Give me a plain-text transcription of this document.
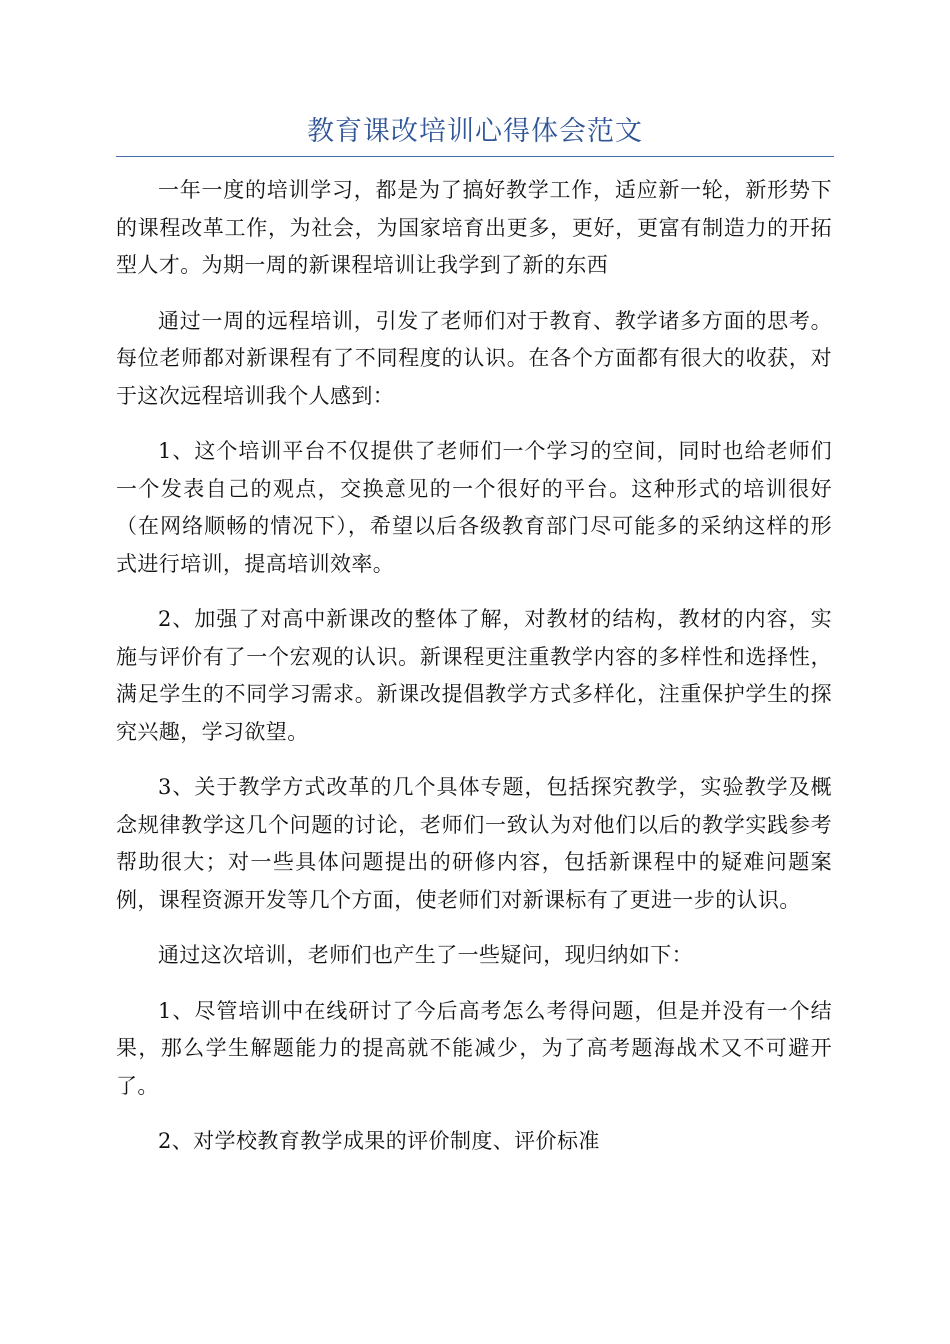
教育课改培训心得体会范文

一年一度的培训学习，都是为了搞好教学工作，适应新一轮，新形势下的课程改革工作，为社会，为国家培育出更多，更好，更富有制造力的开拓型人才。为期一周的新课程培训让我学到了新的东西

通过一周的远程培训，引发了老师们对于教育、教学诸多方面的思考。每位老师都对新课程有了不同程度的认识。在各个方面都有很大的收获，对于这次远程培训我个人感到：

1、这个培训平台不仅提供了老师们一个学习的空间，同时也给老师们一个发表自己的观点，交换意见的一个很好的平台。这种形式的培训很好（在网络顺畅的情况下），希望以后各级教育部门尽可能多的采纳这样的形式进行培训，提高培训效率。

2、加强了对高中新课改的整体了解，对教材的结构，教材的内容，实施与评价有了一个宏观的认识。新课程更注重教学内容的多样性和选择性，满足学生的不同学习需求。新课改提倡教学方式多样化，注重保护学生的探究兴趣，学习欲望。

3、关于教学方式改革的几个具体专题，包括探究教学，实验教学及概念规律教学这几个问题的讨论，老师们一致认为对他们以后的教学实践参考帮助很大；对一些具体问题提出的研修内容，包括新课程中的疑难问题案例，课程资源开发等几个方面，使老师们对新课标有了更进一步的认识。

通过这次培训，老师们也产生了一些疑问，现归纳如下：

1、尽管培训中在线研讨了今后高考怎么考得问题，但是并没有一个结果，那么学生解题能力的提高就不能减少，为了高考题海战术又不可避开了。

2、对学校教育教学成果的评价制度、评价标准
